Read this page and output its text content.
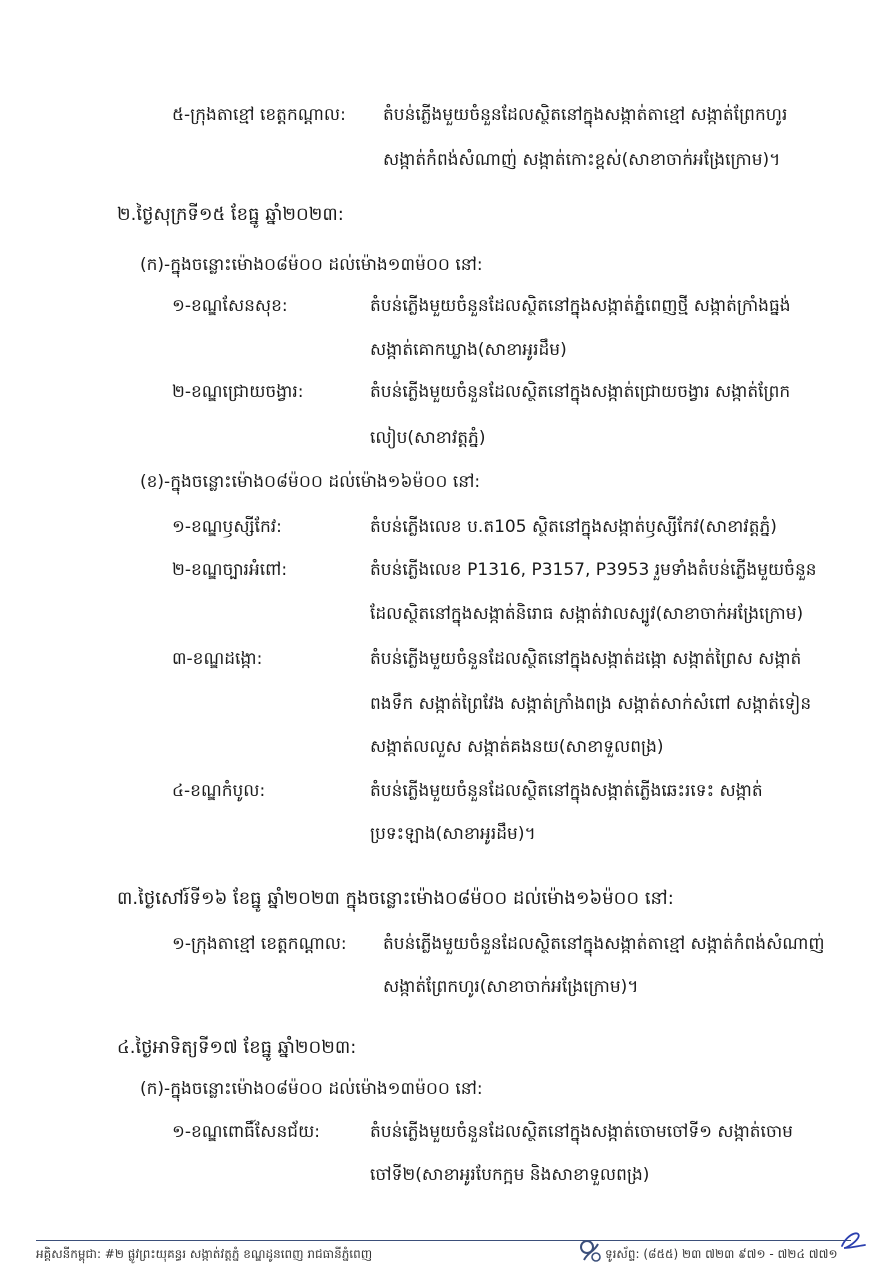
៥-ក្រុងតាខ្មៅ ខេត្តកណ្ដាល: តំបន់ភ្លើងមួយចំនួនដែលស្ថិតនៅក្នុងសង្កាត់តាខ្មៅ សង្កាត់ព្រែកហូរ
សង្កាត់កំពង់សំណាញ់ សង្កាត់កោះខ្ពស់(សាខាចាក់អង្រែក្រោម)។
២.ថ្ងៃសុក្រទី១៥ ខែធ្នូ ឆ្នាំ២០២៣:
(ក)-ក្នុងចន្លោះម៉ោង០៨ម៉០០ ដល់ម៉ោង១៣ម៉០០ នៅ:
១-ខណ្ឌសែនសុខ:	តំបន់ភ្លើងមួយចំនួនដែលស្ថិតនៅក្នុងសង្កាត់ភ្នំពេញថ្មី សង្កាត់ក្រាំងធ្នង់
សង្កាត់គោកឃ្លាង(សាខាអូរដឹម)
២-ខណ្ឌជ្រោយចង្វារ:	តំបន់ភ្លើងមួយចំនួនដែលស្ថិតនៅក្នុងសង្កាត់ជ្រោយចង្វារ សង្កាត់ព្រែក
លៀប(សាខាវត្តភ្នំ)
(ខ)-ក្នុងចន្លោះម៉ោង០៨ម៉០០ ដល់ម៉ោង១៦ម៉០០ នៅ:
១-ខណ្ឌឫស្សីកែវ:	តំបន់ភ្លើងលេខ ប.ត105 ស្ថិតនៅក្នុងសង្កាត់ឫស្សីកែវ(សាខាវត្តភ្នំ)
២-ខណ្ឌច្បារអំពៅ:	តំបន់ភ្លើងលេខ P1316, P3157, P3953 រួមទាំងតំបន់ភ្លើងមួយចំនួន
ដែលស្ថិតនៅក្នុងសង្កាត់និរោធ សង្កាត់វាលស្បូវ(សាខាចាក់អង្រែក្រោម)
៣-ខណ្ឌដង្កោ:	តំបន់ភ្លើងមួយចំនួនដែលស្ថិតនៅក្នុងសង្កាត់ដង្កោ សង្កាត់ព្រៃស សង្កាត់
ពងទឹក សង្កាត់ព្រៃវែង សង្កាត់ក្រាំងពង្រ សង្កាត់សាក់សំពៅ សង្កាត់ទៀន
សង្កាត់លលួស សង្កាត់គងនយ(សាខាទួលពង្រ)
៤-ខណ្ឌកំបូល:	តំបន់ភ្លើងមួយចំនួនដែលស្ថិតនៅក្នុងសង្កាត់ភ្លើងឆេះរទេះ សង្កាត់
ប្រទះឡាង(សាខាអូរដឹម)។
៣.ថ្ងៃសៅរ៍ទី១៦ ខែធ្នូ ឆ្នាំ២០២៣ ក្នុងចន្លោះម៉ោង០៨ម៉០០ ដល់ម៉ោង១៦ម៉០០ នៅ:
១-ក្រុងតាខ្មៅ ខេត្តកណ្ដាល: តំបន់ភ្លើងមួយចំនួនដែលស្ថិតនៅក្នុងសង្កាត់តាខ្មៅ សង្កាត់កំពង់សំណាញ់
សង្កាត់ព្រែកហូរ(សាខាចាក់អង្រែក្រោម)។
៤.ថ្ងៃអាទិត្យទី១៧ ខែធ្នូ ឆ្នាំ២០២៣:
(ក)-ក្នុងចន្លោះម៉ោង០៨ម៉០០ ដល់ម៉ោង១៣ម៉០០ នៅ:
១-ខណ្ឌពោធិ៍សែនជ័យ:	តំបន់ភ្លើងមួយចំនួនដែលស្ថិតនៅក្នុងសង្កាត់ចោមចៅទី១ សង្កាត់ចោម
ចៅទី២(សាខាអូរបែកក្អម និងសាខាទួលពង្រ)
អគ្គិសនីកម្ពុជា: #២ ផ្លូវព្រះយុគន្ធរ សង្កាត់វត្តភ្នំ ខណ្ឌដូនពេញ រាជធានីភ្នំពេញ	ទូរស័ព្ទ: (៨៥៥) ២៣ ៧២៣ ៩៧១ - ៧២៤ ៧៧១
